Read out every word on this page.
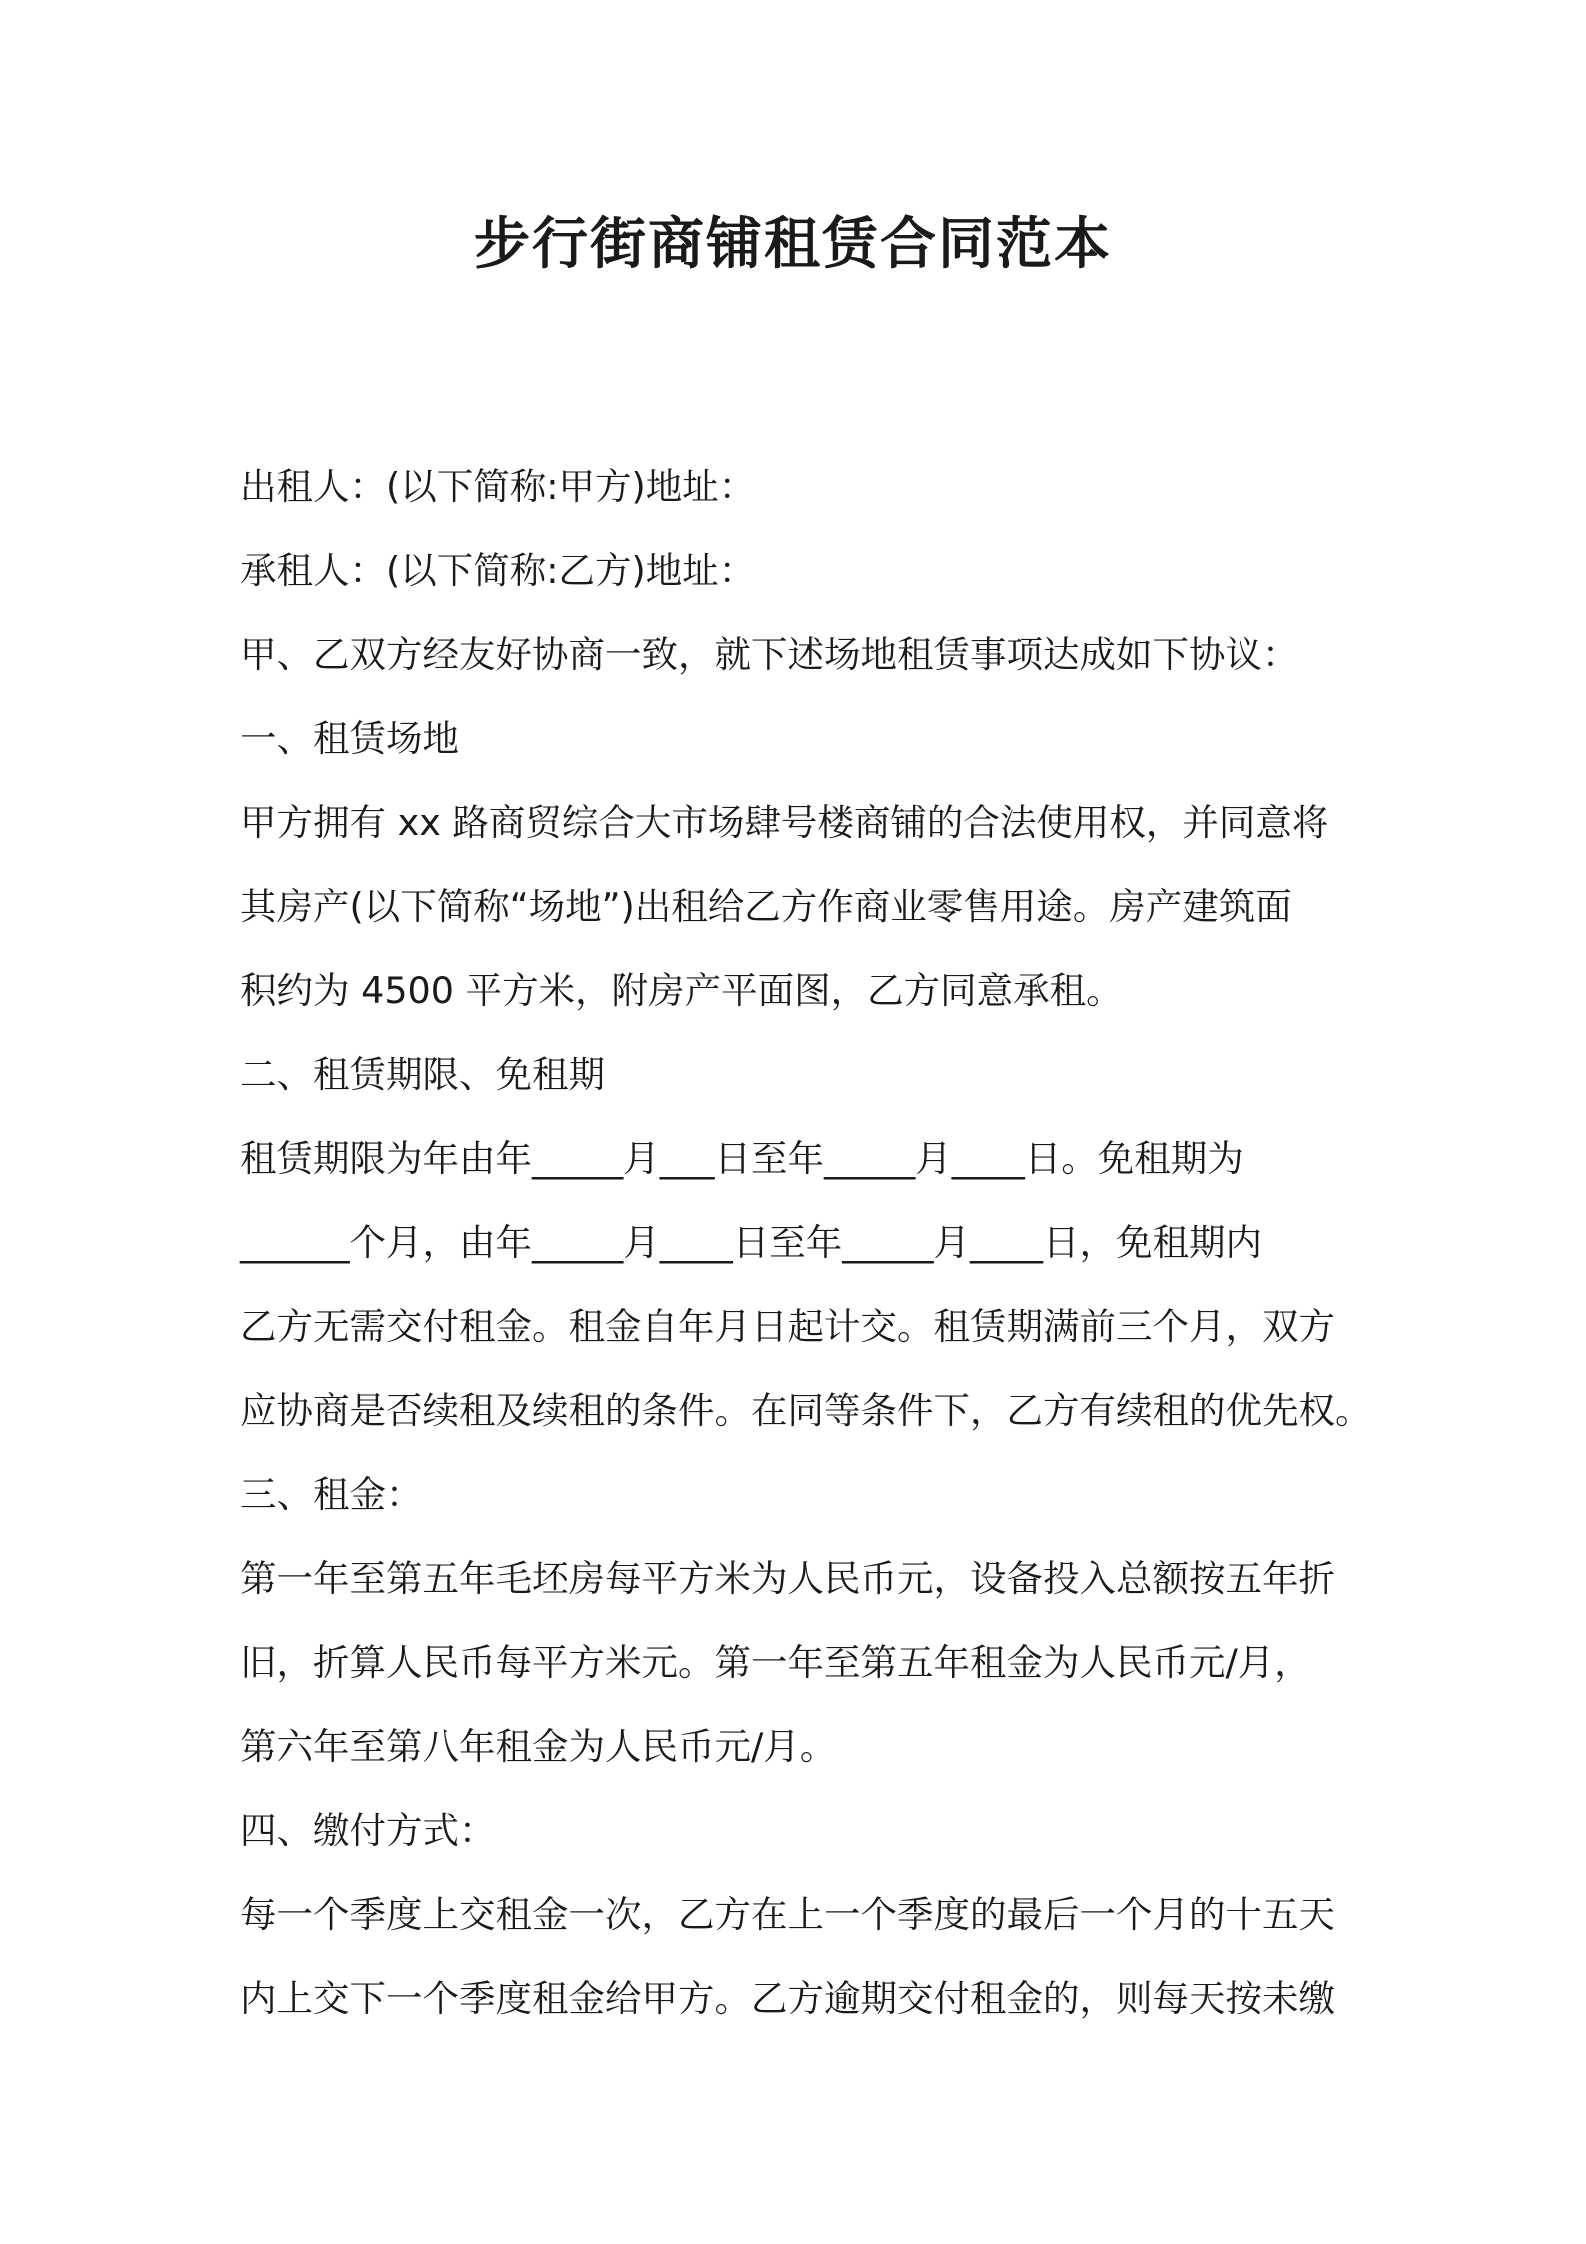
步行街商铺租赁合同范本

出租人：(以下简称:甲方)地址：

承租人：(以下简称:乙方)地址：

甲、乙双方经友好协商一致，就下述场地租赁事项达成如下协议：

一、租赁场地

甲方拥有 xx 路商贸综合大市场肆号楼商铺的合法使用权，并同意将

其房产(以下简称“场地”)出租给乙方作商业零售用途。房产建筑面

积约为 4500 平方米，附房产平面图，乙方同意承租。

二、租赁期限、免租期

租赁期限为年由年_____月___日至年_____月____日。免租期为

______个月，由年_____月____日至年_____月____日，免租期内

乙方无需交付租金。租金自年月日起计交。租赁期满前三个月，双方

应协商是否续租及续租的条件。在同等条件下，乙方有续租的优先权。

三、租金：

第一年至第五年毛坯房每平方米为人民币元，设备投入总额按五年折

旧，折算人民币每平方米元。第一年至第五年租金为人民币元/月，

第六年至第八年租金为人民币元/月。

四、缴付方式：

每一个季度上交租金一次，乙方在上一个季度的最后一个月的十五天

内上交下一个季度租金给甲方。乙方逾期交付租金的，则每天按未缴
